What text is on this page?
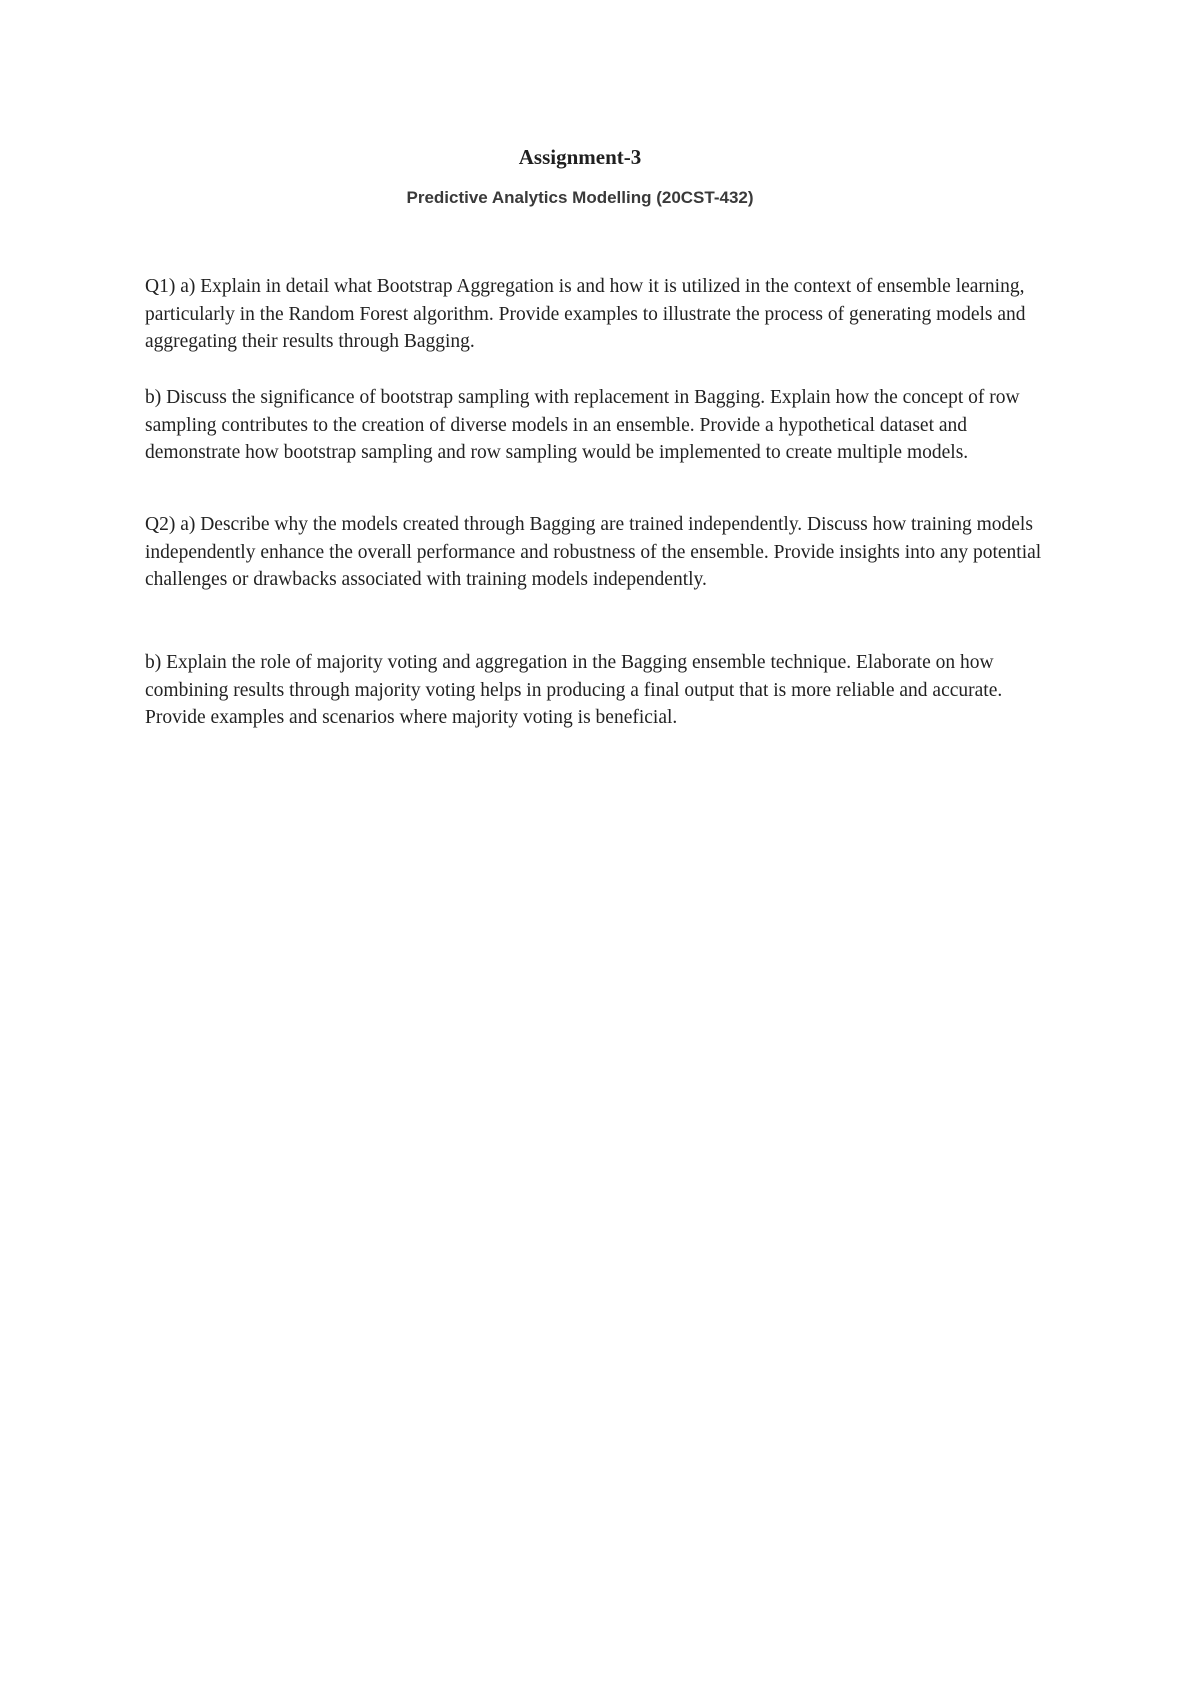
Assignment-3
Predictive Analytics Modelling (20CST-432)

Q1) a) Explain in detail what Bootstrap Aggregation is and how it is utilized in the context of ensemble learning, particularly in the Random Forest algorithm. Provide examples to illustrate the process of generating models and aggregating their results through Bagging.

b) Discuss the significance of bootstrap sampling with replacement in Bagging. Explain how the concept of row sampling contributes to the creation of diverse models in an ensemble. Provide a hypothetical dataset and demonstrate how bootstrap sampling and row sampling would be implemented to create multiple models.

Q2) a) Describe why the models created through Bagging are trained independently. Discuss how training models independently enhance the overall performance and robustness of the ensemble. Provide insights into any potential challenges or drawbacks associated with training models independently.

b) Explain the role of majority voting and aggregation in the Bagging ensemble technique. Elaborate on how combining results through majority voting helps in producing a final output that is more reliable and accurate. Provide examples and scenarios where majority voting is beneficial.
